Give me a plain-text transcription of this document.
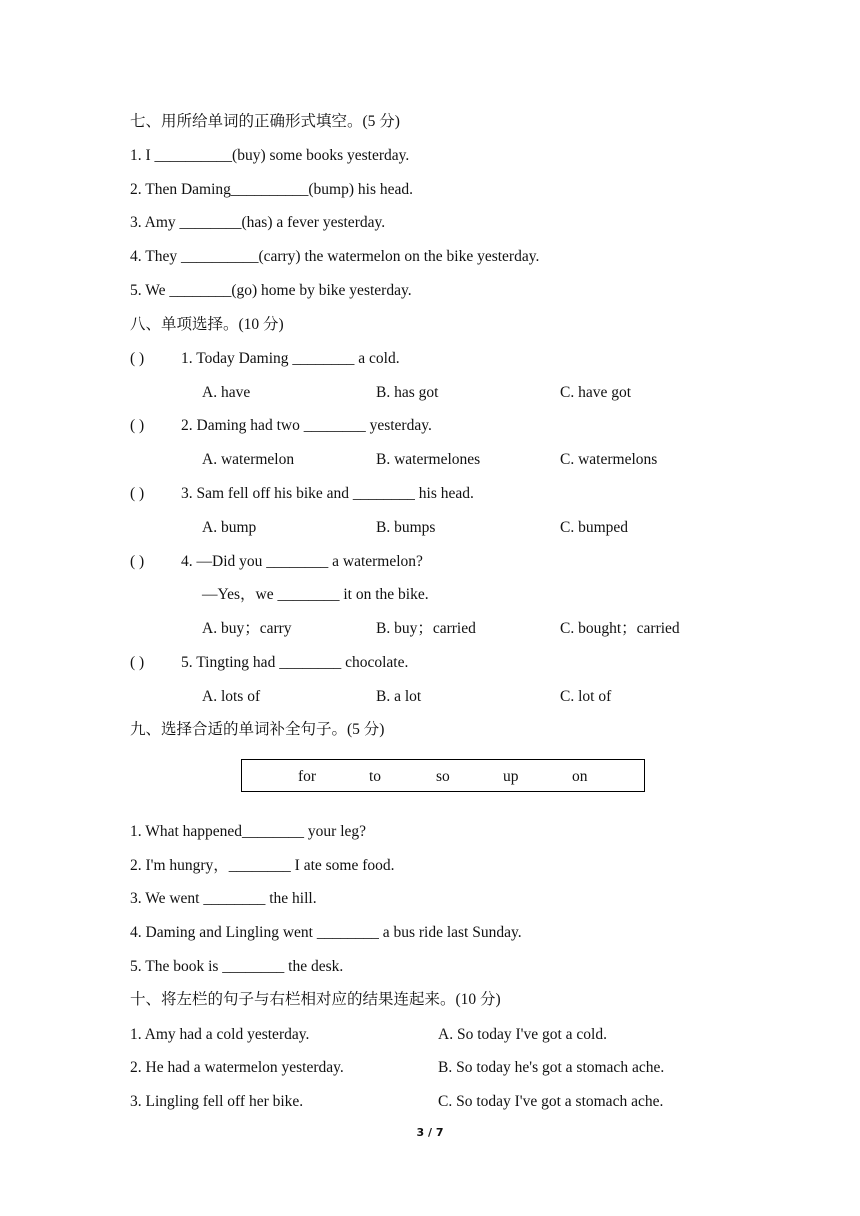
七、用所给单词的正确形式填空。(5 分)
1. I __________(buy) some books yesterday.
2. Then Daming__________(bump) his head.
3. Amy ________(has) a fever yesterday.
4. They __________(carry) the watermelon on the bike yesterday.
5. We ________(go) home by bike yesterday.
八、单项选择。(10 分)
( ) 1. Today Daming ________ a cold.
A. have	B. has got	C. have got
( ) 2. Daming had two ________ yesterday.
A. watermelon	B. watermelones	C. watermelons
( ) 3. Sam fell off his bike and ________ his head.
A. bump	B. bumps	C. bumped
( ) 4. —Did you ________ a watermelon?
—Yes，we ________ it on the bike.
A. buy；carry	B. buy；carried	C. bought；carried
( ) 5. Tingting had ________ chocolate.
A. lots of	B. a lot	C. lot of
九、选择合适的单词补全句子。(5 分)
for	to	so	up	on
1. What happened________ your leg?
2. I'm hungry，________ I ate some food.
3. We went ________ the hill.
4. Daming and Lingling went ________ a bus ride last Sunday.
5. The book is ________ the desk.
十、将左栏的句子与右栏相对应的结果连起来。(10 分)
1. Amy had a cold yesterday.	A. So today I've got a cold.
2. He had a watermelon yesterday.	B. So today he's got a stomach ache.
3. Lingling fell off her bike.	C. So today I've got a stomach ache.
3 / 7
